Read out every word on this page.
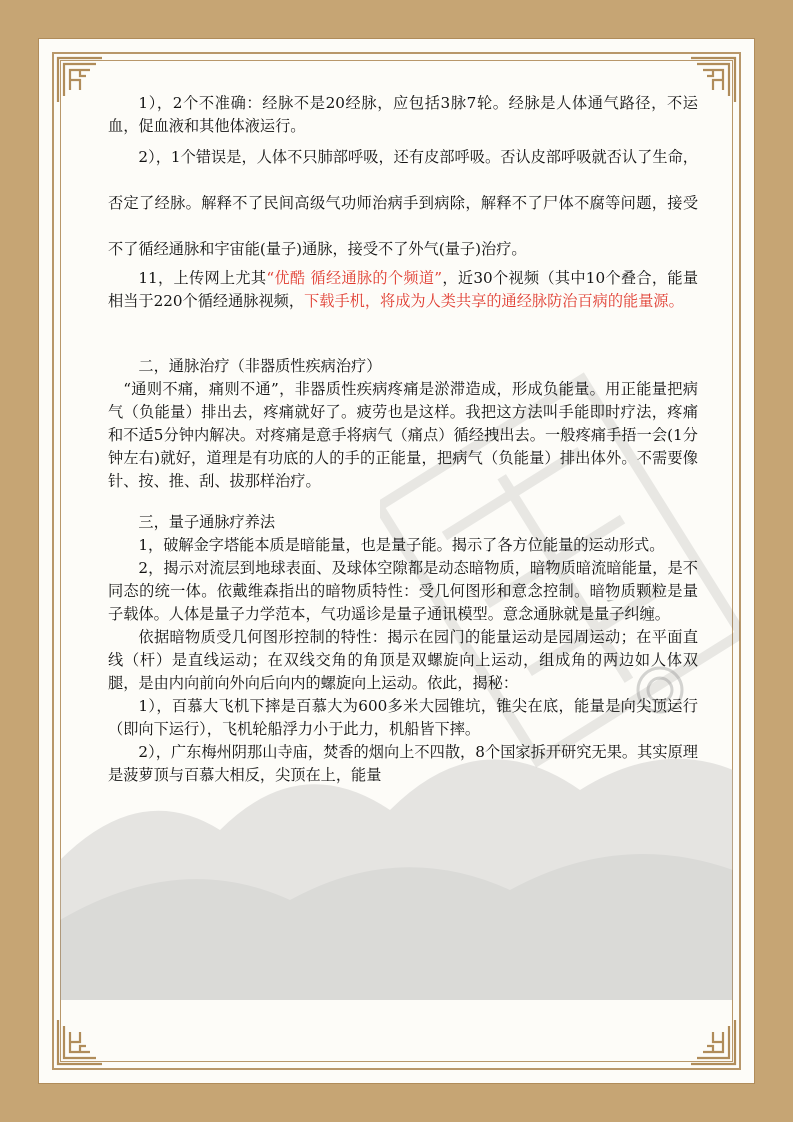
1），2个不准确：经脉不是20经脉，应包括3脉7轮。经脉是人体通气路径，不运血，促血液和其他体液运行。

2），1个错误是，人体不只肺部呼吸，还有皮部呼吸。否认皮部呼吸就否认了生命，否定了经脉。解释不了民间高级气功师治病手到病除，解释不了尸体不腐等问题，接受不了循经通脉和宇宙能(量子)通脉，接受不了外气(量子)治疗。

11，上传网上尤其“优酷 循经通脉的个频道”，近30个视频（其中10个叠合，能量相当于220个循经通脉视频，下载手机，将成为人类共享的通经脉防治百病的能量源。

二，通脉治疗（非器质性疾病治疗）

“通则不痛，痛则不通”，非器质性疾病疼痛是淤滞造成，形成负能量。用正能量把病气（负能量）排出去，疼痛就好了。疲劳也是这样。我把这方法叫手能即时疗法，疼痛和不适5分钟内解决。对疼痛是意手将病气（痛点）循经拽出去。一般疼痛手捂一会(1分钟左右)就好，道理是有功底的人的手的正能量，把病气（负能量）排出体外。不需要像针、按、推、刮、拔那样治疗。

三，量子通脉疗养法

1，破解金字塔能本质是暗能量，也是量子能。揭示了各方位能量的运动形式。

2，揭示对流层到地球表面、及球体空隙都是动态暗物质，暗物质暗流暗能量，是不同态的统一体。依戴维森指出的暗物质特性：受几何图形和意念控制。暗物质颗粒是量子载体。人体是量子力学范本，气功遥诊是量子通讯模型。意念通脉就是量子纠缠。

依据暗物质受几何图形控制的特性：揭示在园门的能量运动是园周运动；在平面直线（杆）是直线运动；在双线交角的角顶是双螺旋向上运动，组成角的两边如人体双腿，是由内向前向外向后向内的螺旋向上运动。依此，揭秘：

1），百慕大飞机下摔是百慕大为600多米大园锥坑，锥尖在底，能量是向尖顶运行（即向下运行），飞机轮船浮力小于此力，机船皆下摔。

2），广东梅州阴那山寺庙，焚香的烟向上不四散，8个国家拆开研究无果。其实原理是菠萝顶与百慕大相反，尖顶在上，能量
